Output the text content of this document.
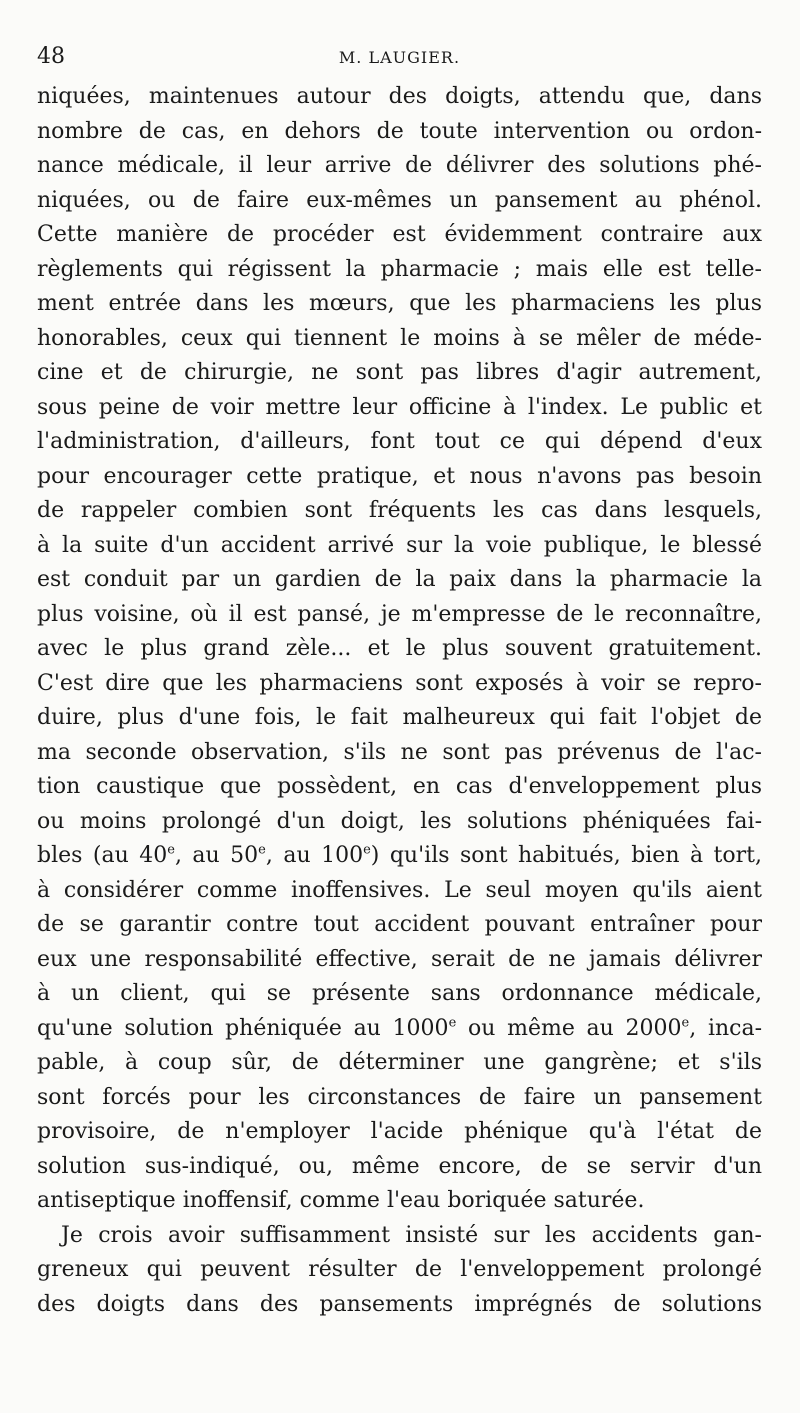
48	M. LAUGIER.
niquées, maintenues autour des doigts, attendu que, dans
nombre de cas, en dehors de toute intervention ou ordon-
nance médicale, il leur arrive de délivrer des solutions phé-
niquées, ou de faire eux-mêmes un pansement au phénol.
Cette manière de procéder est évidemment contraire aux
règlements qui régissent la pharmacie ; mais elle est telle-
ment entrée dans les mœurs, que les pharmaciens les plus
honorables, ceux qui tiennent le moins à se mêler de méde-
cine et de chirurgie, ne sont pas libres d'agir autrement,
sous peine de voir mettre leur officine à l'index. Le public et
l'administration, d'ailleurs, font tout ce qui dépend d'eux
pour encourager cette pratique, et nous n'avons pas besoin
de rappeler combien sont fréquents les cas dans lesquels,
à la suite d'un accident arrivé sur la voie publique, le blessé
est conduit par un gardien de la paix dans la pharmacie la
plus voisine, où il est pansé, je m'empresse de le reconnaître,
avec le plus grand zèle... et le plus souvent gratuitement.
C'est dire que les pharmaciens sont exposés à voir se repro-
duire, plus d'une fois, le fait malheureux qui fait l'objet de
ma seconde observation, s'ils ne sont pas prévenus de l'ac-
tion caustique que possèdent, en cas d'enveloppement plus
ou moins prolongé d'un doigt, les solutions phéniquées fai-
bles (au 40e, au 50e, au 100e) qu'ils sont habitués, bien à tort,
à considérer comme inoffensives. Le seul moyen qu'ils aient
de se garantir contre tout accident pouvant entraîner pour
eux une responsabilité effective, serait de ne jamais délivrer
à un client, qui se présente sans ordonnance médicale,
qu'une solution phéniquée au 1000e ou même au 2000e, inca-
pable, à coup sûr, de déterminer une gangrène; et s'ils
sont forcés pour les circonstances de faire un pansement
provisoire, de n'employer l'acide phénique qu'à l'état de
solution sus-indiqué, ou, même encore, de se servir d'un
antiseptique inoffensif, comme l'eau boriquée saturée.
Je crois avoir suffisamment insisté sur les accidents gan-
greneux qui peuvent résulter de l'enveloppement prolongé
des doigts dans des pansements imprégnés de solutions
